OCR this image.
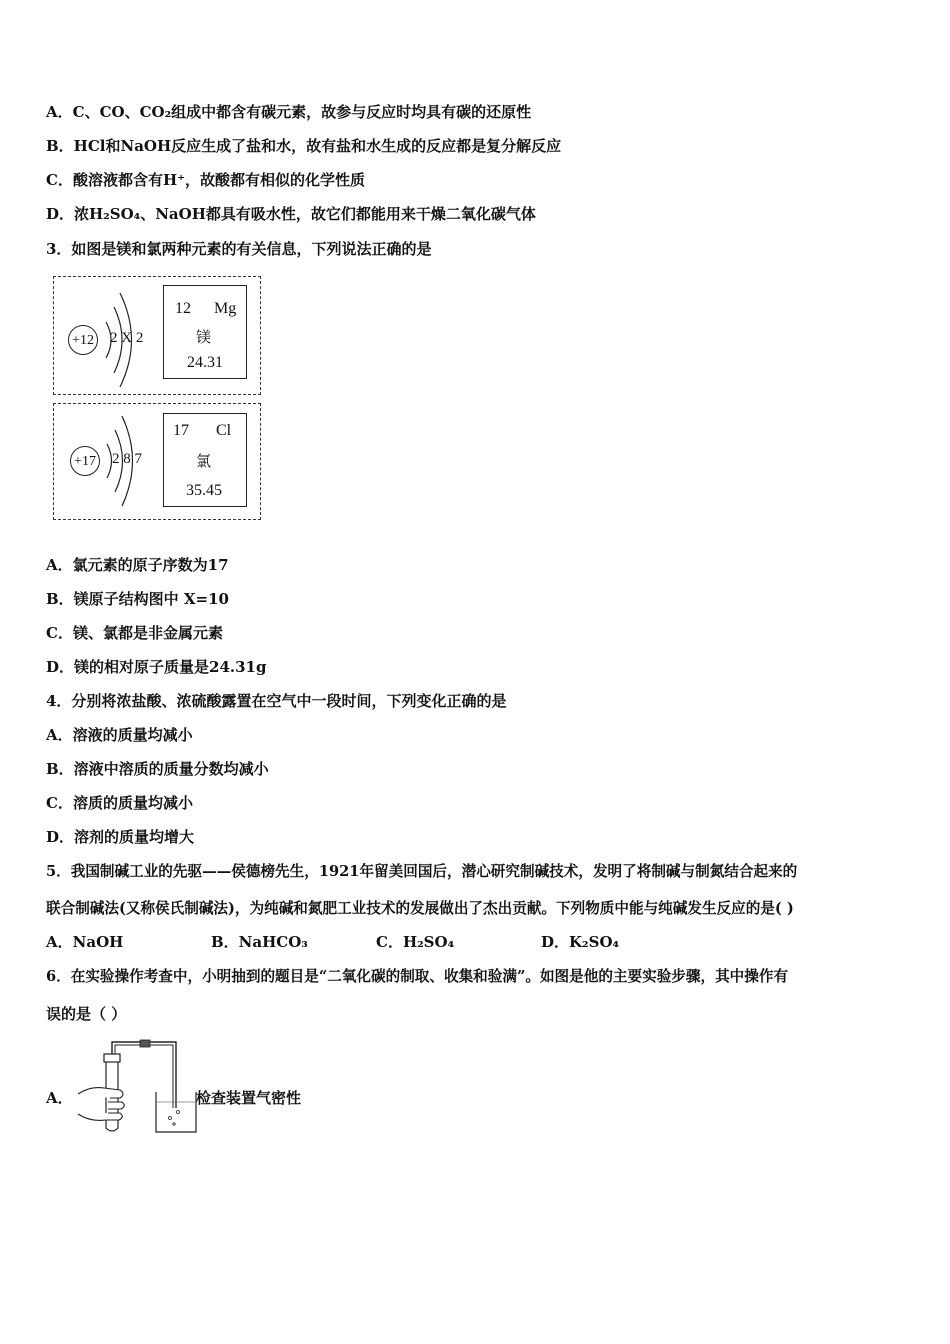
A．C、CO、CO₂组成中都含有碳元素，故参与反应时均具有碳的还原性
B．HCl和NaOH反应生成了盐和水，故有盐和水生成的反应都是复分解反应
C．酸溶液都含有H⁺，故酸都有相似的化学性质
D．浓H₂SO₄、NaOH都具有吸水性，故它们都能用来干燥二氧化碳气体
3．如图是镁和氯两种元素的有关信息，下列说法正确的是
+12 2 X 2
12 Mg
镁
24.31
+17 2 8 7
17 Cl
氯
35.45
A．氯元素的原子序数为17
B．镁原子结构图中 X=10
C．镁、氯都是非金属元素
D．镁的相对原子质量是24.31g
4．分别将浓盐酸、浓硫酸露置在空气中一段时间，下列变化正确的是
A．溶液的质量均减小
B．溶液中溶质的质量分数均减小
C．溶质的质量均减小
D．溶剂的质量均增大
5．我国制碱工业的先驱——侯德榜先生，1921年留美回国后，潜心研究制碱技术，发明了将制碱与制氮结合起来的
联合制碱法(又称侯氏制碱法)，为纯碱和氮肥工业技术的发展做出了杰出贡献。下列物质中能与纯碱发生反应的是( )
A．NaOH	B．NaHCO₃	C．H₂SO₄	D．K₂SO₄
6．在实验操作考查中，小明抽到的题目是“二氧化碳的制取、收集和验满”。如图是他的主要实验步骤，其中操作有
误的是（ ）
A．	检查装置气密性
